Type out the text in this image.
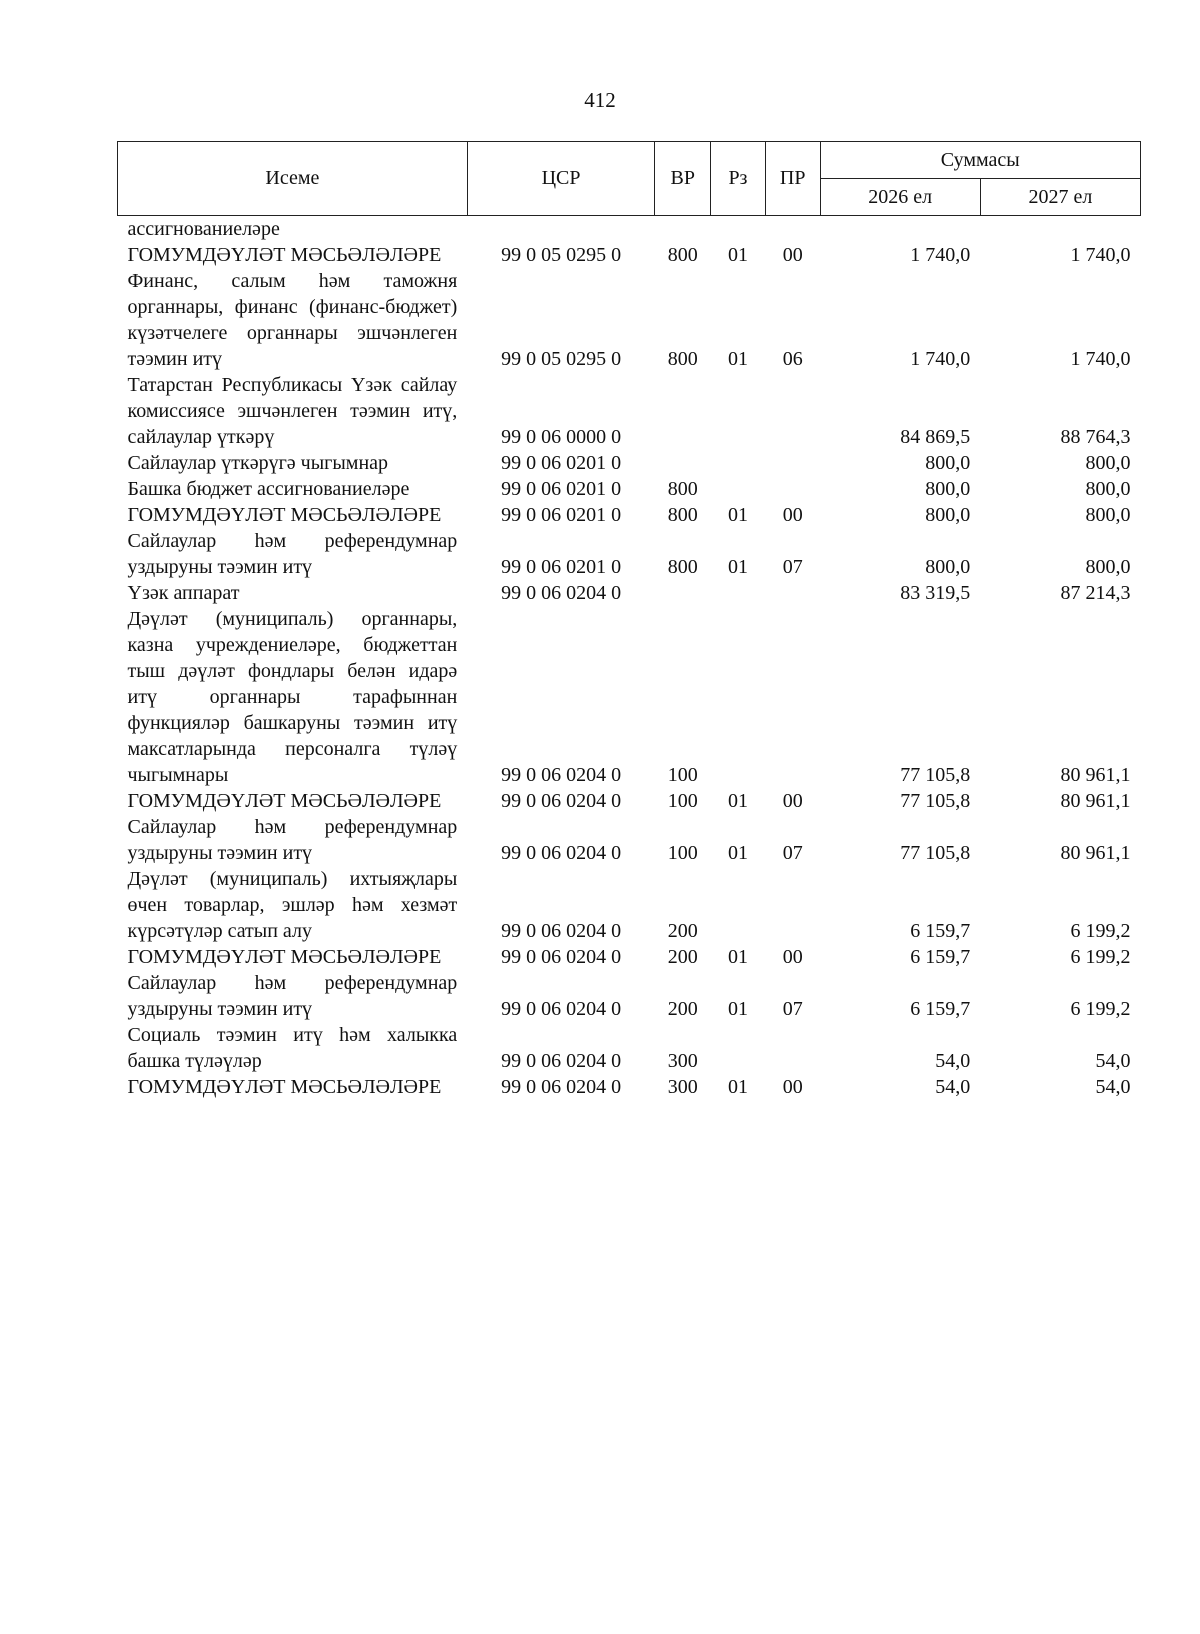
412
Исеме	ЦСР	ВР	Рз	ПР	Суммасы	
					2026 ел	2027 ел
ассигнованиеләре						

ГОМУМДӘҮЛӘТ МӘСЬӘЛӘЛӘРЕ	99 0 05 0295 0	800	01	00	1 740,0	1 740,0

Финанс, салым һәм таможня органнары, финанс (финанс-бюджет) күзәтчелеге органнары эшчәнлеген тәэмин итү	99 0 05 0295 0	800	01	06	1 740,0	1 740,0

Татарстан Республикасы Үзәк сайлау комиссиясе эшчәнлеген тәэмин итү, сайлаулар үткәрү	99 0 06 0000 0				84 869,5	88 764,3

Сайлаулар үткәрүгә чыгымнар	99 0 06 0201 0				800,0	800,0

Башка бюджет ассигнованиеләре	99 0 06 0201 0	800			800,0	800,0

ГОМУМДӘҮЛӘТ МӘСЬӘЛӘЛӘРЕ	99 0 06 0201 0	800	01	00	800,0	800,0

Сайлаулар һәм референдумнар уздыруны тәэмин итү	99 0 06 0201 0	800	01	07	800,0	800,0

Үзәк аппарат	99 0 06 0204 0				83 319,5	87 214,3

Дәүләт (муниципаль) органнары, казна учреждениеләре, бюджеттан тыш дәүләт фондлары белән идарә итү органнары тарафыннан функцияләр башкаруны тәэмин итү максатларында персоналга түләү чыгымнары	99 0 06 0204 0	100			77 105,8	80 961,1

ГОМУМДӘҮЛӘТ МӘСЬӘЛӘЛӘРЕ	99 0 06 0204 0	100	01	00	77 105,8	80 961,1

Сайлаулар һәм референдумнар уздыруны тәэмин итү	99 0 06 0204 0	100	01	07	77 105,8	80 961,1

Дәүләт (муниципаль) ихтыяҗлары өчен товарлар, эшләр һәм хезмәт күрсәтүләр сатып алу	99 0 06 0204 0	200			6 159,7	6 199,2

ГОМУМДӘҮЛӘТ МӘСЬӘЛӘЛӘРЕ	99 0 06 0204 0	200	01	00	6 159,7	6 199,2

Сайлаулар һәм референдумнар уздыруны тәэмин итү	99 0 06 0204 0	200	01	07	6 159,7	6 199,2

Социаль тәэмин итү һәм халыкка башка түләүләр	99 0 06 0204 0	300			54,0	54,0

ГОМУМДӘҮЛӘТ МӘСЬӘЛӘЛӘРЕ	99 0 06 0204 0	300	01	00	54,0	54,0
